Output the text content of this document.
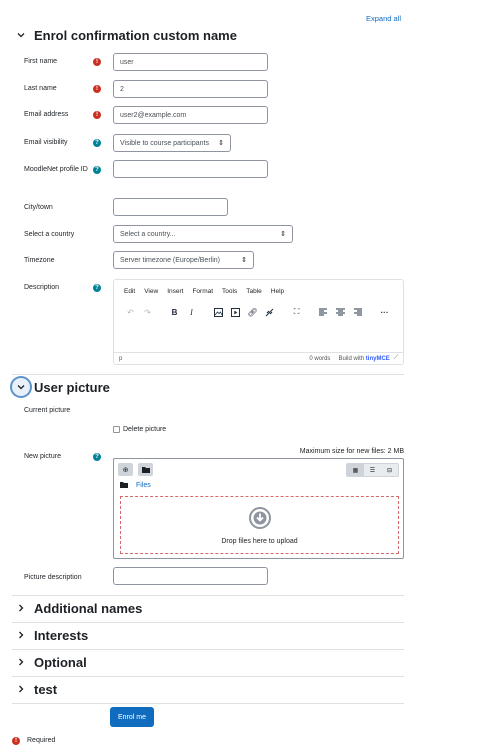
Expand all
Enrol confirmation custom name
First name	!	user
Last name	!	2
Email address	!	user2@example.com
Email visibility	?	Visible to course participants ⇕
MoodleNet profile ID	?
City/town
Select a country	Select a country...	⇕
Timezone	Server timezone (Europe/Berlin)	⇕
Description	?	Edit View Insert Format Tools Table Help
↶	↷	B	I	🔗︎	⛶	···
p	0 words Build with
tinyMCE ⟋
User picture
Current picture
Delete picture
New picture	?
Maximum size for new files: 2 MB
⊕	▦	☰	⊟
Files
Drop files here to upload
Picture description
Additional names
Interests
Optional
test
Enrol me
!	Required
